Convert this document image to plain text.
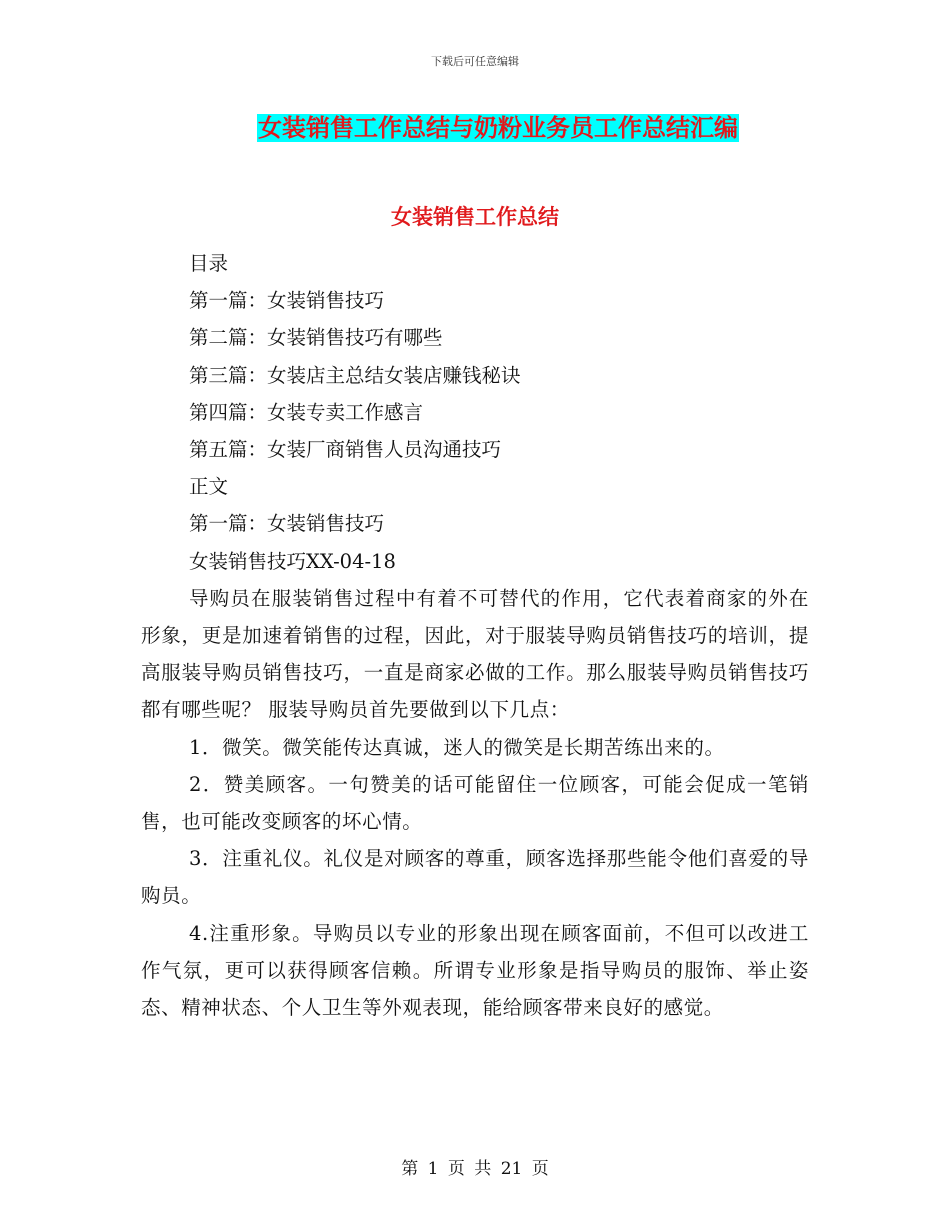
下载后可任意编辑
女装销售工作总结与奶粉业务员工作总结汇编
女装销售工作总结
目录
第一篇：女装销售技巧
第二篇：女装销售技巧有哪些
第三篇：女装店主总结女装店赚钱秘诀
第四篇：女装专卖工作感言
第五篇：女装厂商销售人员沟通技巧
正文
第一篇：女装销售技巧
女装销售技巧XX-04-18
导购员在服装销售过程中有着不可替代的作用，它代表着商家的外在形象，更是加速着销售的过程，因此，对于服装导购员销售技巧的培训，提高服装导购员销售技巧，一直是商家必做的工作。那么服装导购员销售技巧都有哪些呢？ 服装导购员首先要做到以下几点：
1．微笑。微笑能传达真诚，迷人的微笑是长期苦练出来的。
2．赞美顾客。一句赞美的话可能留住一位顾客，可能会促成一笔销售，也可能改变顾客的坏心情。
3．注重礼仪。礼仪是对顾客的尊重，顾客选择那些能令他们喜爱的导购员。
4.注重形象。导购员以专业的形象出现在顾客面前，不但可以改进工作气氛，更可以获得顾客信赖。所谓专业形象是指导购员的服饰、举止姿态、精神状态、个人卫生等外观表现，能给顾客带来良好的感觉。
第 1 页 共 21 页
